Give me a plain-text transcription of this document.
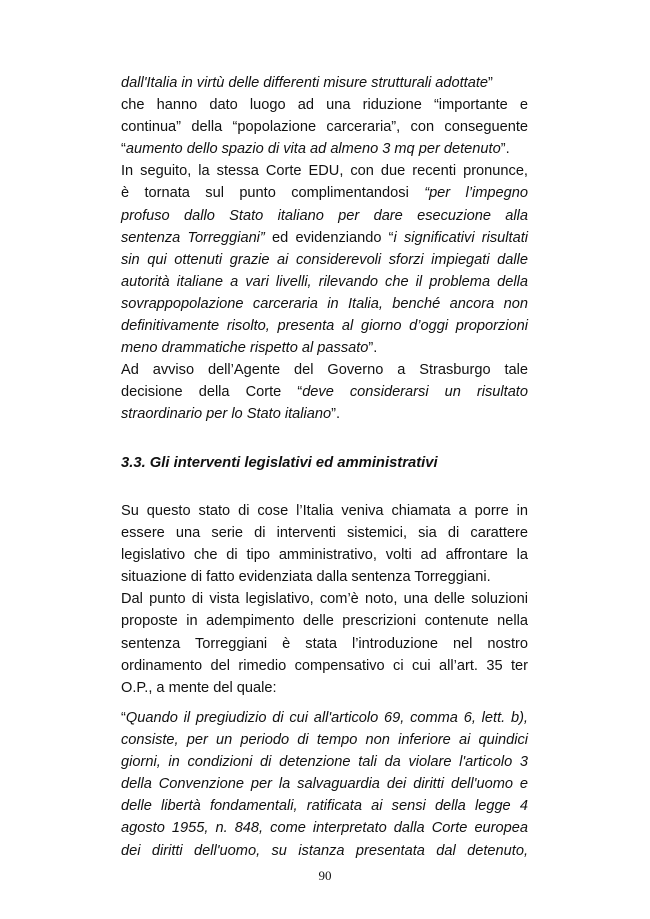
dall'Italia in virtù delle differenti misure strutturali adottate”
che hanno dato luogo ad una riduzione “importante e
continua” della “popolazione carceraria”, con conseguente
“aumento dello spazio di vita ad almeno 3 mq per detenuto”.
In seguito, la stessa Corte EDU, con due recenti pronunce,
è tornata sul punto complimentandosi “per l’impegno
profuso dallo Stato italiano per dare esecuzione alla
sentenza Torreggiani” ed evidenziando “i significativi risultati
sin qui ottenuti grazie ai considerevoli sforzi impiegati dalle
autorità italiane a vari livelli, rilevando che il problema della
sovrappopolazione carceraria in Italia, benché ancora non
definitivamente risolto, presenta al giorno d’oggi proporzioni
meno drammatiche rispetto al passato”.
Ad avviso dell’Agente del Governo a Strasburgo tale
decisione della Corte “deve considerarsi un risultato
straordinario per lo Stato italiano”.
3.3. Gli interventi legislativi ed amministrativi
Su questo stato di cose l’Italia veniva chiamata a porre in
essere una serie di interventi sistemici, sia di carattere
legislativo che di tipo amministrativo, volti ad affrontare la
situazione di fatto evidenziata dalla sentenza Torreggiani.
Dal punto di vista legislativo, com’è noto, una delle soluzioni
proposte in adempimento delle prescrizioni contenute nella
sentenza Torreggiani è stata l’introduzione nel nostro
ordinamento del rimedio compensativo ci cui all’art. 35 ter
O.P., a mente del quale:
“Quando il pregiudizio di cui all'articolo 69, comma 6, lett. b),
consiste, per un periodo di tempo non inferiore ai quindici
giorni, in condizioni di detenzione tali da violare l'articolo 3
della Convenzione per la salvaguardia dei diritti dell'uomo e
delle libertà fondamentali, ratificata ai sensi della legge 4
agosto 1955, n. 848, come interpretato dalla Corte europea
dei diritti dell'uomo, su istanza presentata dal detenuto,
90
